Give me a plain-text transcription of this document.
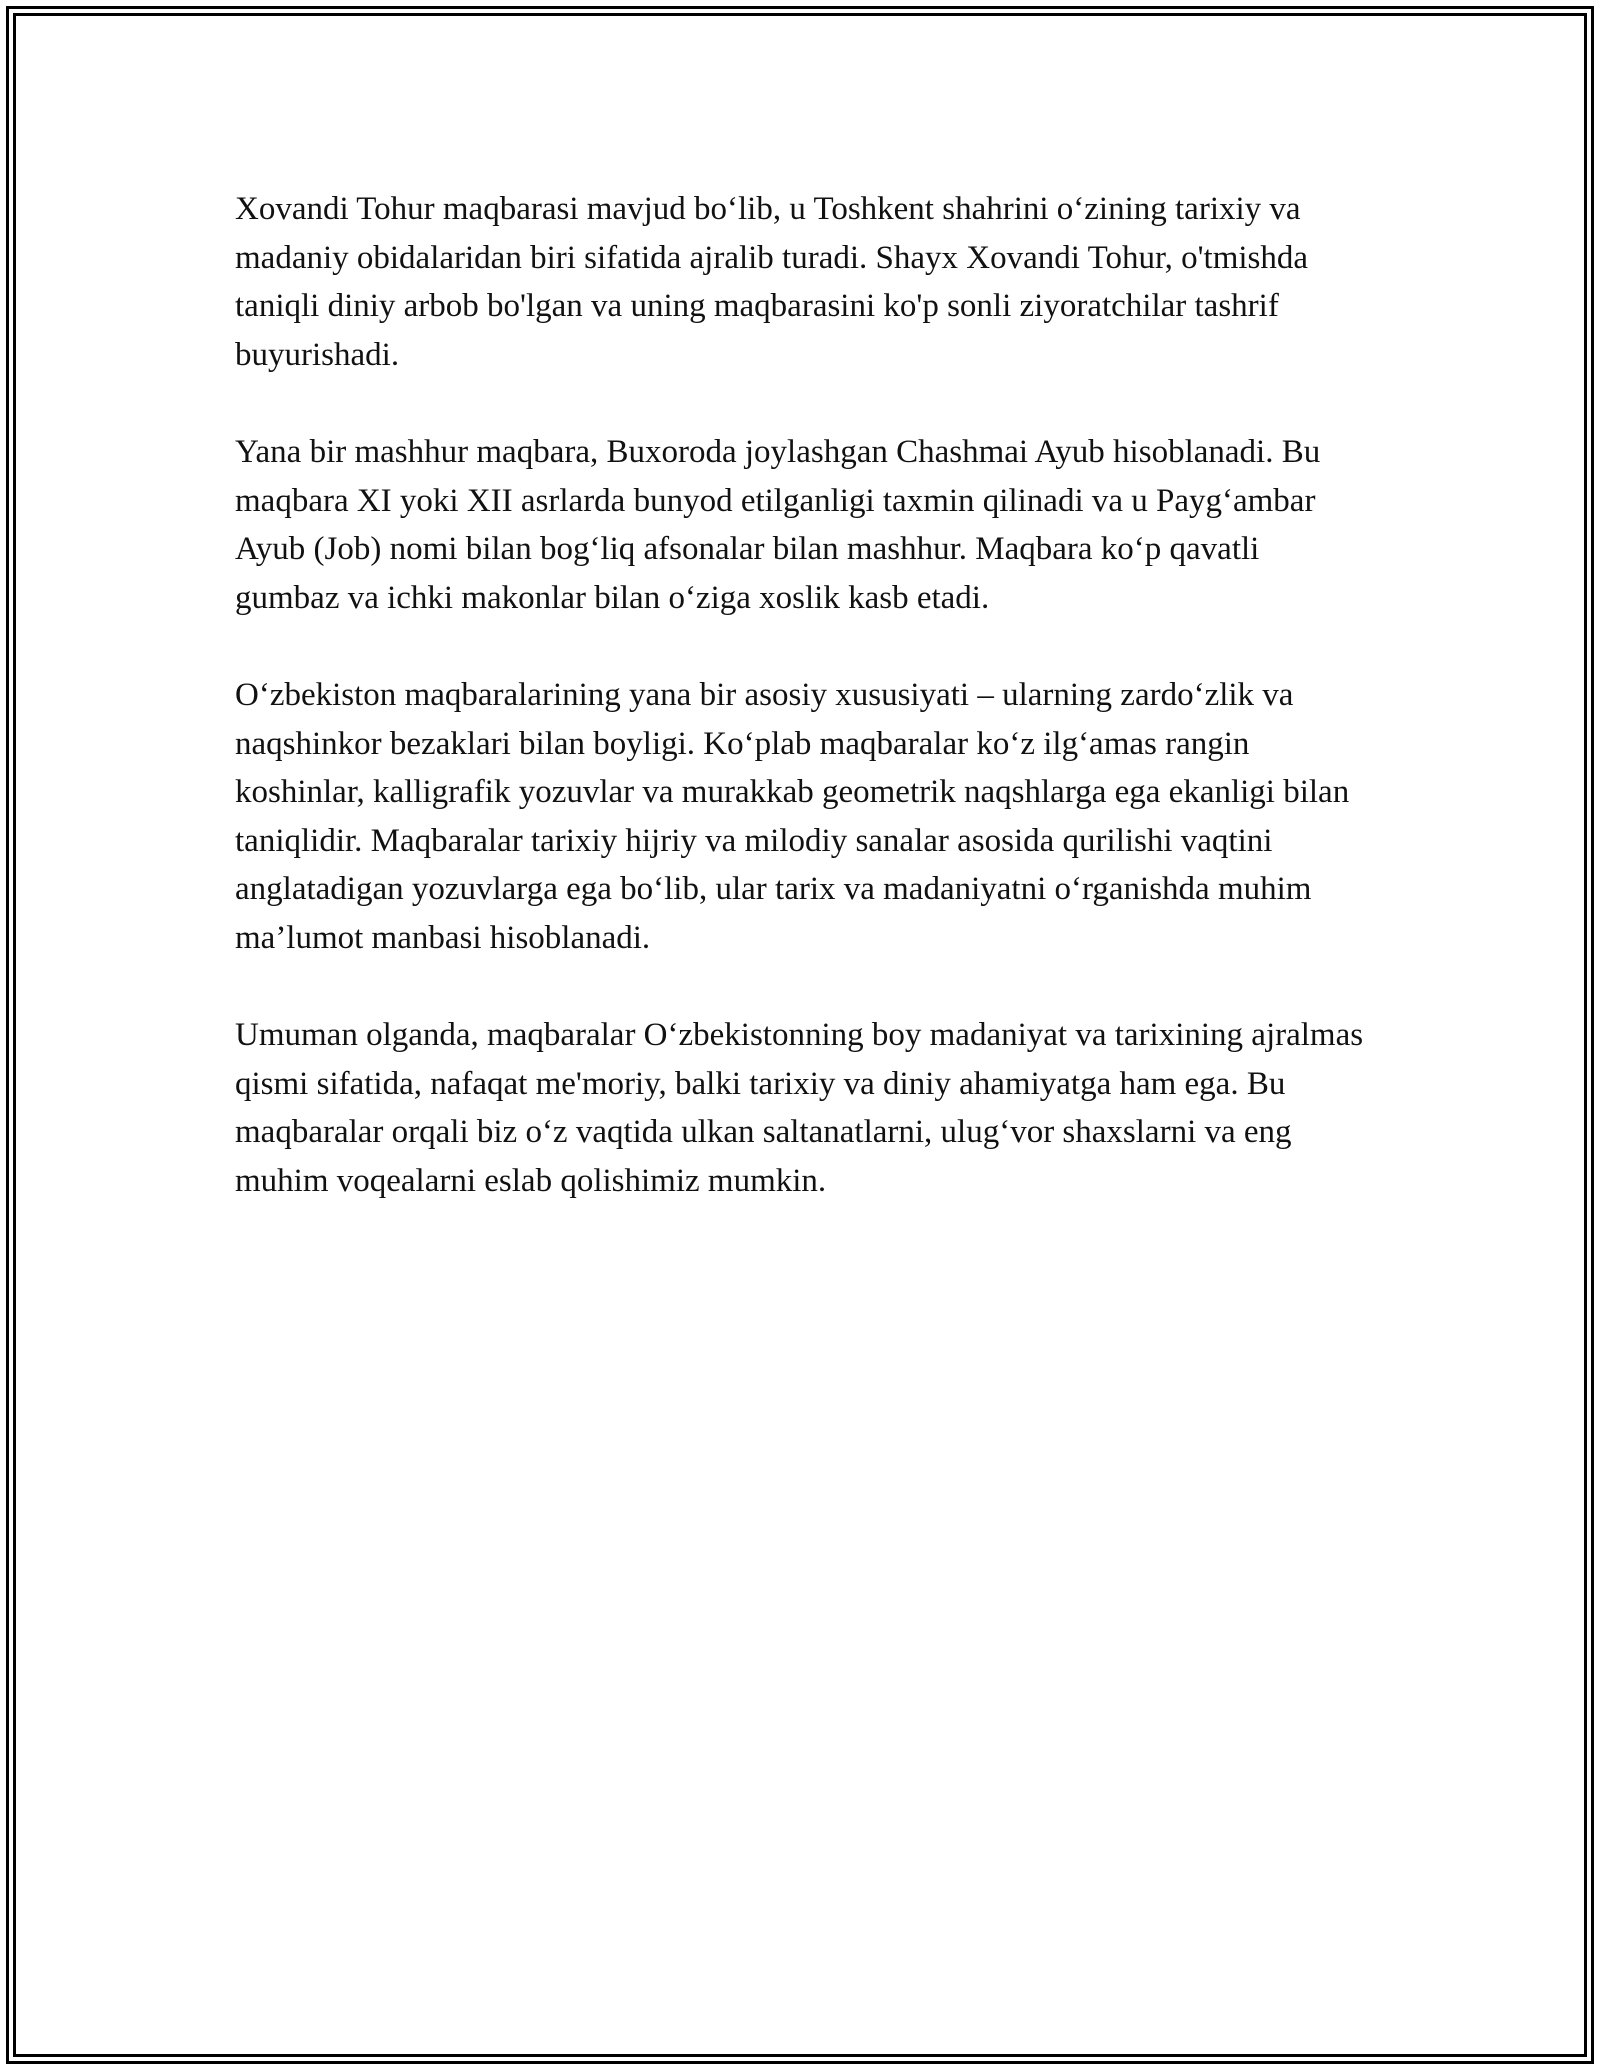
Xovandi Tohur maqbarasi mavjud bo‘lib, u Toshkent shahrini o‘zining tarixiy va madaniy obidalaridan biri sifatida ajralib turadi. Shayx Xovandi Tohur, o'tmishda taniqli diniy arbob bo'lgan va uning maqbarasini ko'p sonli ziyoratchilar tashrif buyurishadi.

Yana bir mashhur maqbara, Buxoroda joylashgan Chashmai Ayub hisoblanadi. Bu maqbara XI yoki XII asrlarda bunyod etilganligi taxmin qilinadi va u Payg‘ambar Ayub (Job) nomi bilan bog‘liq afsonalar bilan mashhur. Maqbara ko‘p qavatli gumbaz va ichki makonlar bilan o‘ziga xoslik kasb etadi.

O‘zbekiston maqbaralarining yana bir asosiy xususiyati – ularning zardo‘zlik va naqshinkor bezaklari bilan boyligi. Ko‘plab maqbaralar ko‘z ilg‘amas rangin koshinlar, kalligrafik yozuvlar va murakkab geometrik naqshlarga ega ekanligi bilan taniqlidir. Maqbaralar tarixiy hijriy va milodiy sanalar asosida qurilishi vaqtini anglatadigan yozuvlarga ega bo‘lib, ular tarix va madaniyatni o‘rganishda muhim ma’lumot manbasi hisoblanadi.

Umuman olganda, maqbaralar O‘zbekistonning boy madaniyat va tarixining ajralmas qismi sifatida, nafaqat me'moriy, balki tarixiy va diniy ahamiyatga ham ega. Bu maqbaralar orqali biz o‘z vaqtida ulkan saltanatlarni, ulug‘vor shaxslarni va eng muhim voqealarni eslab qolishimiz mumkin.
